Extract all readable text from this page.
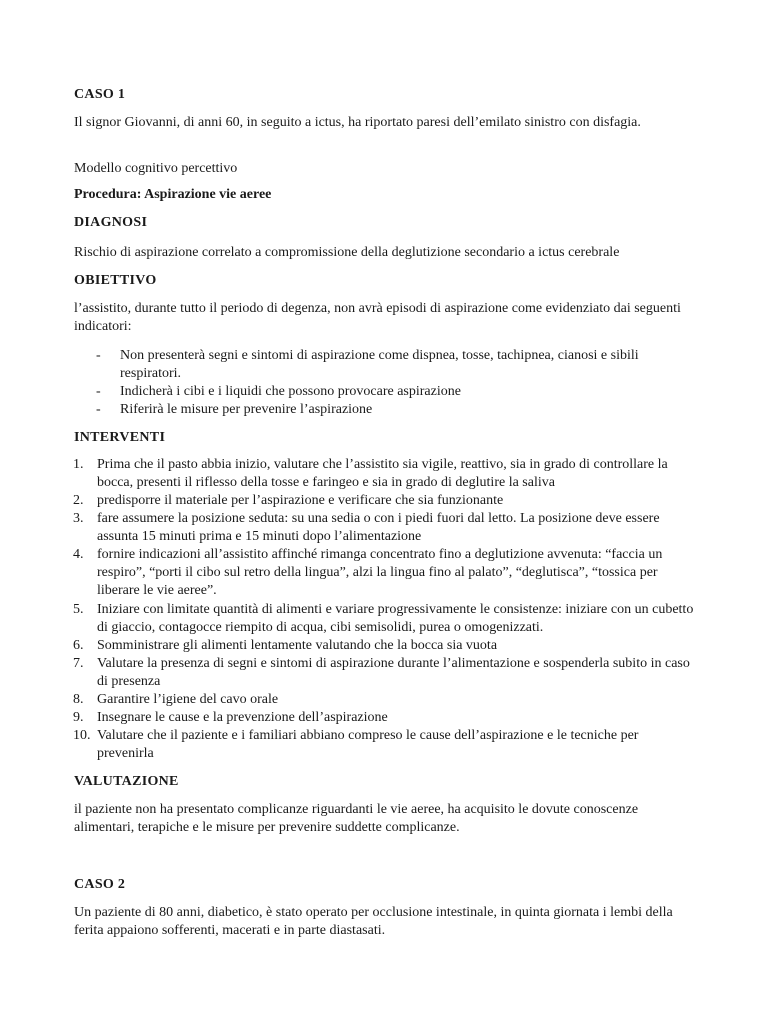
CASO 1
Il signor Giovanni, di anni 60, in seguito a ictus, ha riportato paresi dell’emilato sinistro con disfagia.
Modello cognitivo percettivo
Procedura: Aspirazione vie aeree
DIAGNOSI
Rischio di aspirazione correlato a compromissione della deglutizione secondario a ictus cerebrale
OBIETTIVO
l’assistito, durante tutto il periodo di degenza, non avrà episodi di aspirazione come evidenziato dai seguenti indicatori:
- Non presenterà segni e sintomi di aspirazione come dispnea, tosse, tachipnea, cianosi e sibili respiratori.
- Indicherà i cibi e i liquidi che possono provocare aspirazione
- Riferirà le misure per prevenire l’aspirazione
INTERVENTI
1. Prima che il pasto abbia inizio, valutare che l’assistito sia vigile, reattivo, sia in grado di controllare la bocca, presenti il riflesso della tosse e faringeo e sia in grado di deglutire la saliva
2. predisporre il materiale per l’aspirazione e verificare che sia funzionante
3. fare assumere la posizione seduta: su una sedia o con i piedi fuori dal letto. La posizione deve essere assunta 15 minuti prima e 15 minuti dopo l’alimentazione
4. fornire indicazioni all’assistito affinché rimanga concentrato fino a deglutizione avvenuta: “faccia un respiro”, “porti il cibo sul retro della lingua”, alzi la lingua fino al palato”, “deglutisca”, “tossica per liberare le vie aeree”.
5. Iniziare con limitate quantità di alimenti e variare progressivamente le consistenze: iniziare con un cubetto di giaccio, contagocce riempito di acqua, cibi semisolidi, purea o omogenizzati.
6. Somministrare gli alimenti lentamente valutando che la bocca sia vuota
7. Valutare la presenza di segni e sintomi di aspirazione durante l’alimentazione e sospenderla subito in caso di presenza
8. Garantire l’igiene del cavo orale
9. Insegnare le cause e la prevenzione dell’aspirazione
10. Valutare che il paziente e i familiari abbiano compreso le cause dell’aspirazione e le tecniche per prevenirla
VALUTAZIONE
il paziente non ha presentato complicanze riguardanti le vie aeree, ha acquisito le dovute conoscenze alimentari, terapiche e le misure per prevenire suddette complicanze.
CASO 2
Un paziente di 80 anni, diabetico, è stato operato per occlusione intestinale, in quinta giornata i lembi della ferita appaiono sofferenti, macerati e in parte diastasati.
